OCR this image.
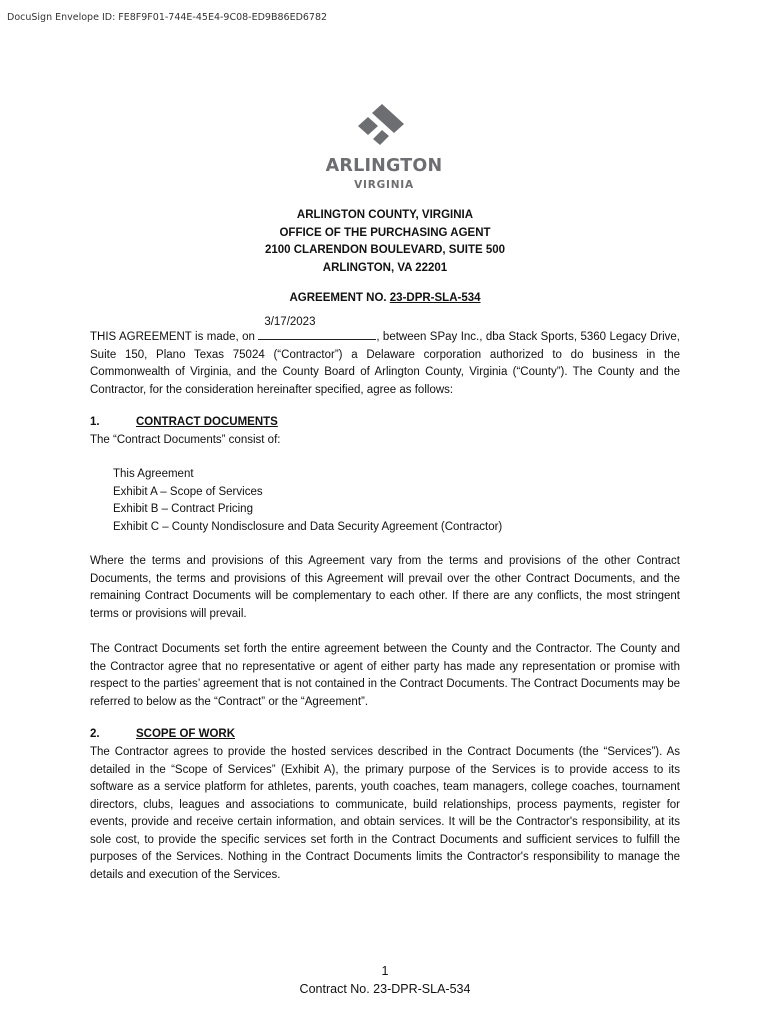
DocuSign Envelope ID: FE8F9F01-744E-45E4-9C08-ED9B86ED6782
ARLINGTON
VIRGINIA
ARLINGTON COUNTY, VIRGINIA
OFFICE OF THE PURCHASING AGENT
2100 CLARENDON BOULEVARD, SUITE 500
ARLINGTON, VA 22201
AGREEMENT NO. 23-DPR-SLA-534
THIS AGREEMENT is made, on
3/17/2023
, between SPay Inc., dba Stack Sports, 5360 Legacy Drive, Suite 150, Plano Texas 75024 (“Contractor”) a Delaware corporation authorized to do business in the Commonwealth of Virginia, and the County Board of Arlington County, Virginia (“County”). The County and the Contractor, for the consideration hereinafter specified, agree as follows:
1.	CONTRACT DOCUMENTS
The “Contract Documents” consist of:
This Agreement
Exhibit A – Scope of Services
Exhibit B – Contract Pricing
Exhibit C – County Nondisclosure and Data Security Agreement (Contractor)
Where the terms and provisions of this Agreement vary from the terms and provisions of the other Contract Documents, the terms and provisions of this Agreement will prevail over the other Contract Documents, and the remaining Contract Documents will be complementary to each other. If there are any conflicts, the most stringent terms or provisions will prevail.
The Contract Documents set forth the entire agreement between the County and the Contractor. The County and the Contractor agree that no representative or agent of either party has made any representation or promise with respect to the parties’ agreement that is not contained in the Contract Documents. The Contract Documents may be referred to below as the “Contract” or the “Agreement”.
2.	SCOPE OF WORK
The Contractor agrees to provide the hosted services described in the Contract Documents (the “Services”). As detailed in the “Scope of Services” (Exhibit A), the primary purpose of the Services is to provide access to its software as a service platform for athletes, parents, youth coaches, team managers, college coaches, tournament directors, clubs, leagues and associations to communicate, build relationships, process payments, register for events, provide and receive certain information, and obtain services. It will be the Contractor's responsibility, at its sole cost, to provide the specific services set forth in the Contract Documents and sufficient services to fulfill the purposes of the Services. Nothing in the Contract Documents limits the Contractor's responsibility to manage the details and execution of the Services.
1
Contract No. 23-DPR-SLA-534
